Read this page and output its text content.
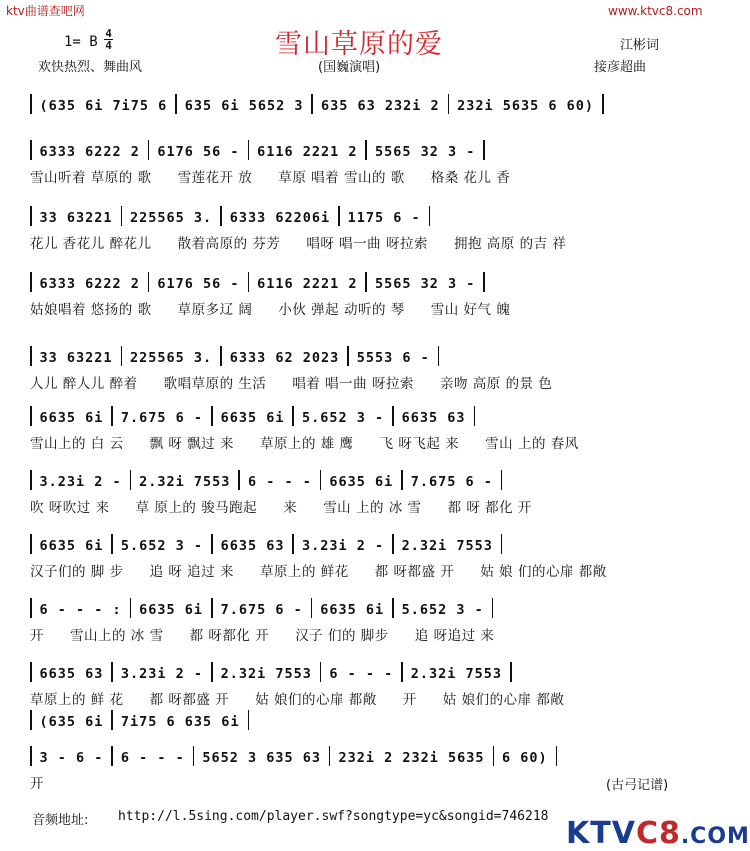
ktv曲谱查吧网	www.ktvc8.com
雪山草原的爱
1= B
4
4
欢快热烈、舞曲风	(国巍演唱)
江彬词
接彦超曲
(635 6i 7i75 6 635 6i 5652 3 635 63 232i 2 232i 5635 6 60)
6333 6222 2 6176 56 - 6116 2221 2 5565 32 3 -
雪山听着 草原的 歌 雪莲花开 放 草原 唱着 雪山的 歌 格桑 花儿 香
33 63221 225565 3. 6333 62206i 1175 6 -
花儿 香花儿 醉花儿 散着高原的 芬芳 唱呀 唱一曲 呀拉索 拥抱 高原 的吉 祥
6333 6222 2 6176 56 - 6116 2221 2 5565 32 3 -
姑娘唱着 悠扬的 歌 草原多辽 阔 小伙 弹起 动听的 琴 雪山 好气 魄
33 63221 225565 3. 6333 62 2023 5553 6 -
人儿 醉人儿 醉着 歌唱草原的 生活 唱着 唱一曲 呀拉索 亲吻 高原 的景 色
6635 6i 7.675 6 - 6635 6i 5.652 3 - 6635 63
雪山上的 白 云 飘 呀 飘过 来 草原上的 雄 鹰 飞 呀飞起 来 雪山 上的 春风
3.23i 2 - 2.32i 7553 6 - - - 6635 6i 7.675 6 -
吹 呀吹过 来 草 原上的 骏马跑起 来 雪山 上的 冰 雪 都 呀 都化 开
6635 6i 5.652 3 - 6635 63 3.23i 2 - 2.32i 7553
汉子们的 脚 步 追 呀 追过 来 草原上的 鲜花 都 呀都盛 开 姑 娘 们的心扉 都敞
6 - - - : 6635 6i 7.675 6 - 6635 6i 5.652 3 -
开 雪山上的 冰 雪 都 呀都化 开 汉子 们的 脚步 追 呀追过 来
6635 63 3.23i 2 - 2.32i 7553 6 - - - 2.32i 7553
草原上的 鲜 花 都 呀都盛 开 姑 娘们的心扉 都敞 开 姑 娘们的心扉 都敞
(635 6i 7i75 6 635 6i
3 - 6 - 6 - - - 5652 3 635 63 232i 2 232i 5635 6 60)
开	(古弓记谱)
音频地址: http://l.5sing.com/player.swf?songtype=yc&songid=746218 KTVC8.COM
